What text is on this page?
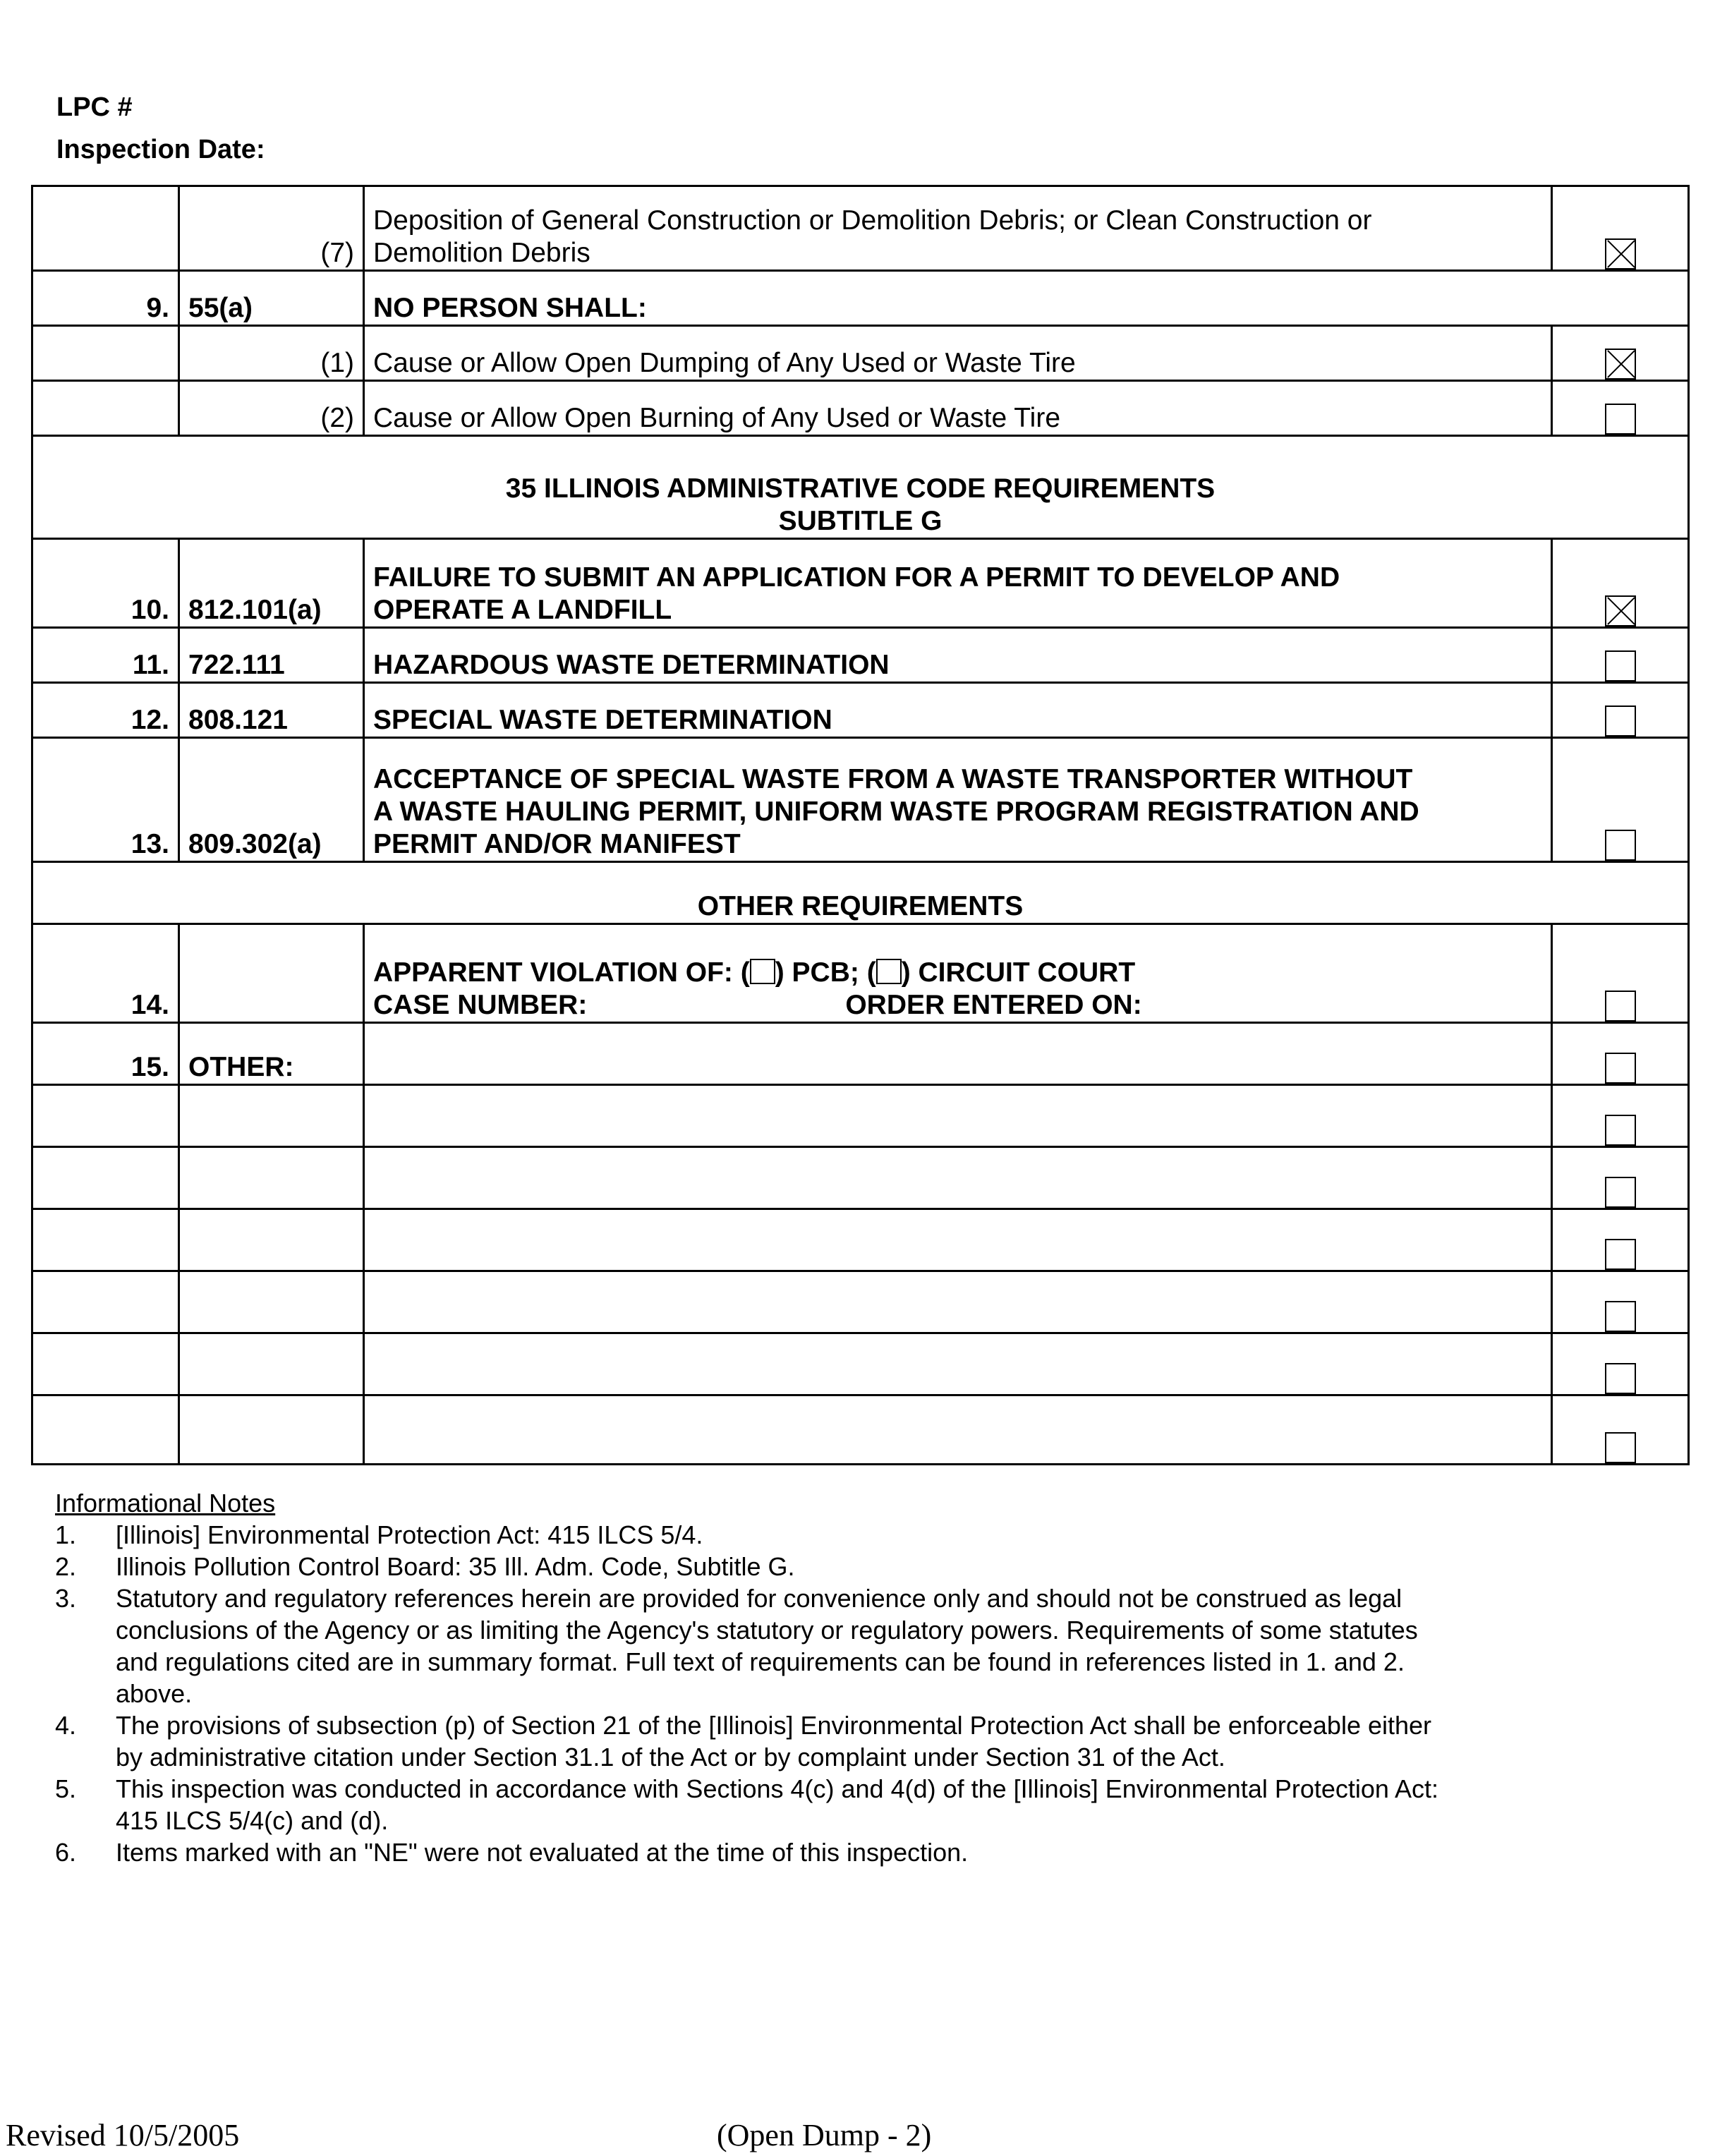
LPC #
Inspection Date:
	(7)	Deposition of General Construction or Demolition Debris; or Clean Construction or
Demolition Debris	

9.	55(a)	NO PERSON SHALL:	
	(1)	Cause or Allow Open Dumping of Any Used or Waste Tire	
	(2)	Cause or Allow Open Burning of Any Used or Waste Tire	

35 ILLINOIS ADMINISTRATIVE CODE REQUIREMENTS
SUBTITLE G			

10.	812.101(a)	FAILURE TO SUBMIT AN APPLICATION FOR A PERMIT TO DEVELOP AND
OPERATE A LANDFILL	

11.	722.111	HAZARDOUS WASTE DETERMINATION	
12.	808.121	SPECIAL WASTE DETERMINATION	
13.	809.302(a)	ACCEPTANCE OF SPECIAL WASTE FROM A WASTE TRANSPORTER WITHOUT
A WASTE HAULING PERMIT, UNIFORM WASTE PROGRAM REGISTRATION AND
PERMIT AND/OR MANIFEST	

OTHER REQUIREMENTS			
14.		APPARENT VIOLATION OF: ( ) PCB; ( ) CIRCUIT COURT
CASE NUMBER: ORDER ENTERED ON:	

15.	OTHER:		

Informational Notes
1. [Illinois] Environmental Protection Act: 415 ILCS 5/4.
2. Illinois Pollution Control Board: 35 Ill. Adm. Code, Subtitle G.
3. Statutory and regulatory references herein are provided for convenience only and should not be construed as legal
conclusions of the Agency or as limiting the Agency's statutory or regulatory powers. Requirements of some statutes
and regulations cited are in summary format. Full text of requirements can be found in references listed in 1. and 2.
above.
4. The provisions of subsection (p) of Section 21 of the [Illinois] Environmental Protection Act shall be enforceable either
by administrative citation under Section 31.1 of the Act or by complaint under Section 31 of the Act.
5. This inspection was conducted in accordance with Sections 4(c) and 4(d) of the [Illinois] Environmental Protection Act:
415 ILCS 5/4(c) and (d).
6. Items marked with an "NE" were not evaluated at the time of this inspection.
Revised 10/5/2005	(Open Dump - 2)
